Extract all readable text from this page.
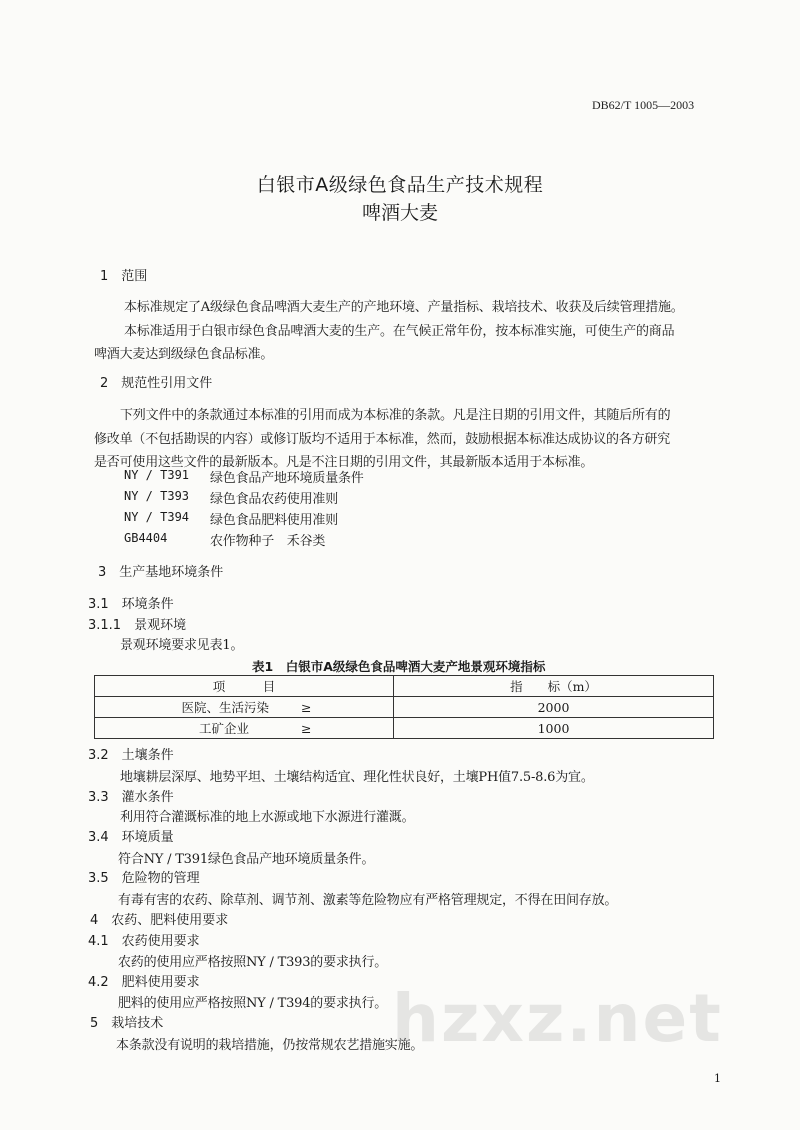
DB62/T 1005—2003
白银市A级绿色食品生产技术规程
啤酒大麦
1　范围
本标准规定了A级绿色食品啤酒大麦生产的产地环境、产量指标、栽培技术、收获及后续管理措施。
本标准适用于白银市绿色食品啤酒大麦的生产。在气候正常年份，按本标准实施，可使生产的商品
啤酒大麦达到级绿色食品标准。
2　规范性引用文件
下列文件中的条款通过本标准的引用而成为本标准的条款。凡是注日期的引用文件，其随后所有的
修改单（不包括勘误的内容）或修订版均不适用于本标准，然而，鼓励根据本标准达成协议的各方研究
是否可使用这些文件的最新版本。凡是不注日期的引用文件，其最新版本适用于本标准。
NY / T391 绿色食品产地环境质量条件
NY / T393 绿色食品农药使用准则
NY / T394 绿色食品肥料使用准则
GB4404	农作物种子　禾谷类
3　生产基地环境条件
3.1　环境条件
3.1.1　景观环境
景观环境要求见表1。
表1　白银市A级绿色食品啤酒大麦产地景观环境指标
项　　　目	指　　标（m）
医院、生活污染 ≥	2000
工矿企业 ≥	1000
3.2　土壤条件
地壤耕层深厚、地势平坦、土壤结构适宜、理化性状良好，土壤PH值7.5-8.6为宜。
3.3　灌水条件
利用符合灌溉标准的地上水源或地下水源进行灌溉。
3.4　环境质量
符合NY / T391绿色食品产地环境质量条件。
3.5　危险物的管理
有毒有害的农药、除草剂、调节剂、激素等危险物应有严格管理规定，不得在田间存放。
4　农药、肥料使用要求
4.1　农药使用要求
农药的使用应严格按照NY / T393的要求执行。
4.2　肥料使用要求
肥料的使用应严格按照NY / T394的要求执行。
5　栽培技术
本条款没有说明的栽培措施，仍按常规农艺措施实施。
hzxz.net
1
